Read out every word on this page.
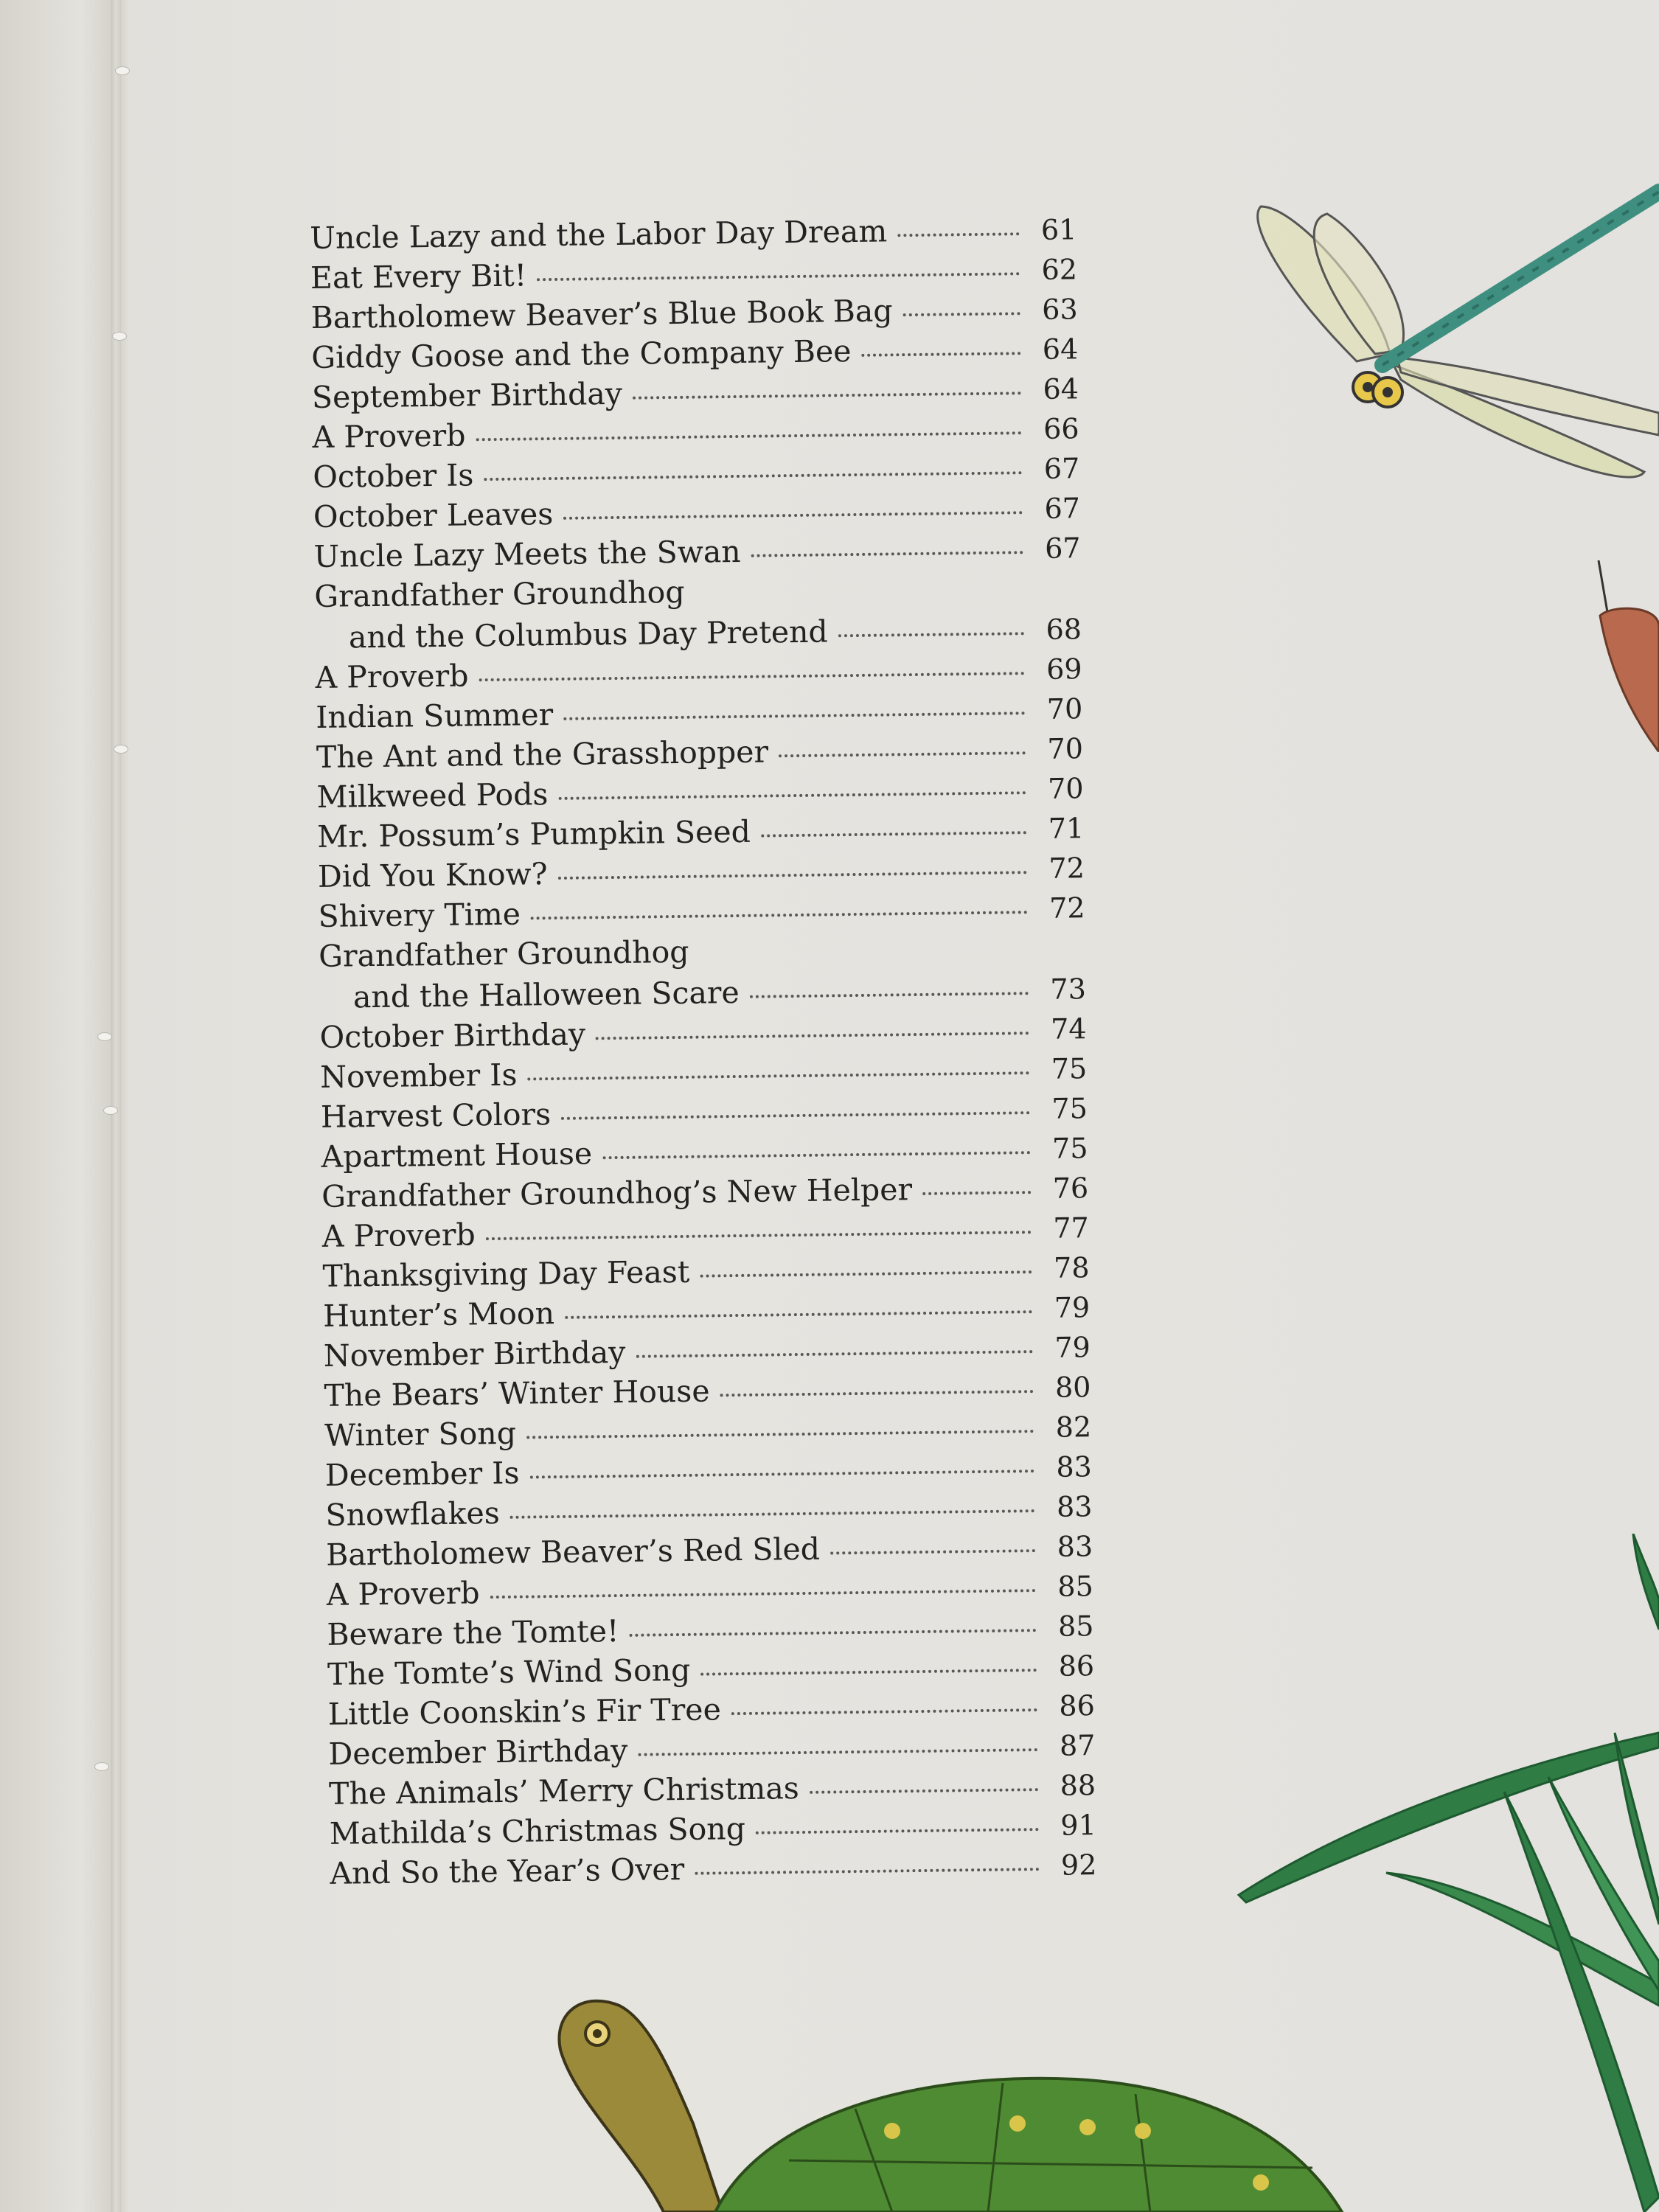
Uncle Lazy and the Labor Day Dream	61
Eat Every Bit!	62
Bartholomew Beaver’s Blue Book Bag	63
Giddy Goose and the Company Bee	64
September Birthday	64
A Proverb	66
October Is	67
October Leaves	67
Uncle Lazy Meets the Swan	67
Grandfather Groundhog
and the Columbus Day Pretend	68
A Proverb	69
Indian Summer	70
The Ant and the Grasshopper	70
Milkweed Pods	70
Mr. Possum’s Pumpkin Seed	71
Did You Know?	72
Shivery Time	72
Grandfather Groundhog
and the Halloween Scare	73
October Birthday	74
November Is	75
Harvest Colors	75
Apartment House	75
Grandfather Groundhog’s New Helper	76
A Proverb	77
Thanksgiving Day Feast	78
Hunter’s Moon	79
November Birthday	79
The Bears’ Winter House	80
Winter Song	82
December Is	83
Snowflakes	83
Bartholomew Beaver’s Red Sled	83
A Proverb	85
Beware the Tomte!	85
The Tomte’s Wind Song	86
Little Coonskin’s Fir Tree	86
December Birthday	87
The Animals’ Merry Christmas	88
Mathilda’s Christmas Song	91
And So the Year’s Over	92
